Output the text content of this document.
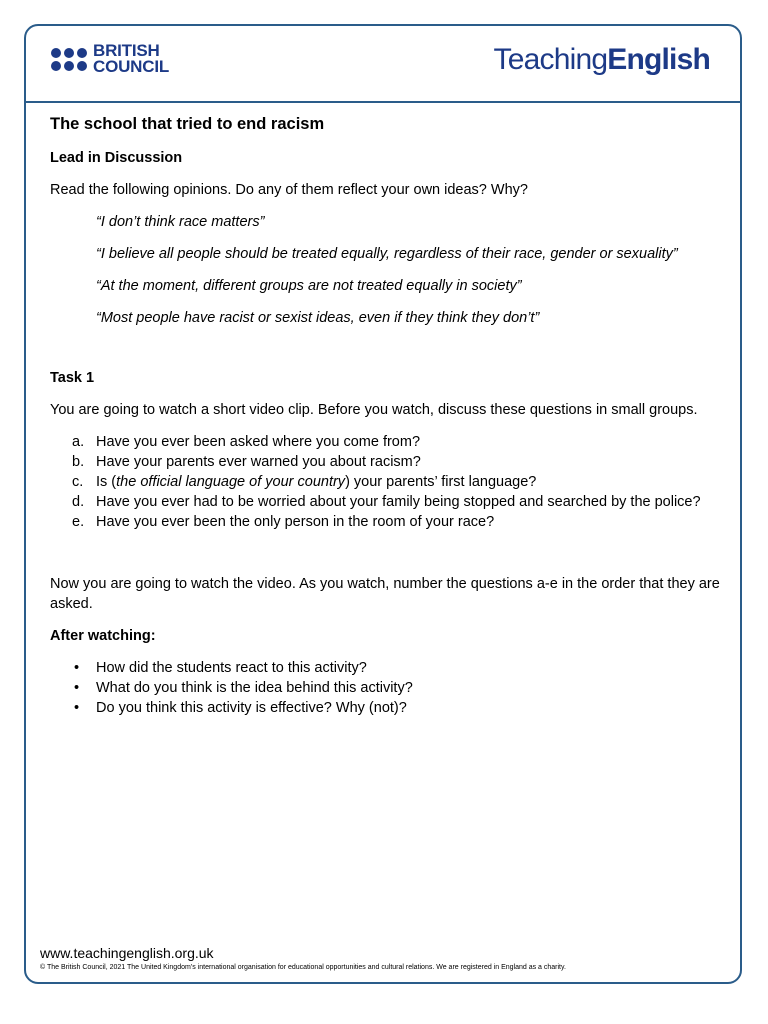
BRITISH
COUNCIL	TeachingEnglish
The school that tried to end racism
Lead in Discussion

Read the following opinions. Do any of them reflect your own ideas? Why?

“I don’t think race matters”

“I believe all people should be treated equally, regardless of their race, gender or sexuality”

“At the moment, different groups are not treated equally in society”

“Most people have racist or sexist ideas, even if they think they don’t”

Task 1

You are going to watch a short video clip. Before you watch, discuss these questions in small groups.

a. Have you ever been asked where you come from?
b. Have your parents ever warned you about racism?
c. Is (the official language of your country) your parents’ first language?
d. Have you ever had to be worried about your family being stopped and searched by the police?
e. Have you ever been the only person in the room of your race?

Now you are going to watch the video. As you watch, number the questions a-e in the order that they are asked.

After watching:
• How did the students react to this activity?
• What do you think is the idea behind this activity?
• Do you think this activity is effective? Why (not)?
www.teachingenglish.org.uk
© The British Council, 2021 The United Kingdom’s international organisation for educational opportunities and cultural relations. We are registered in England as a charity.
